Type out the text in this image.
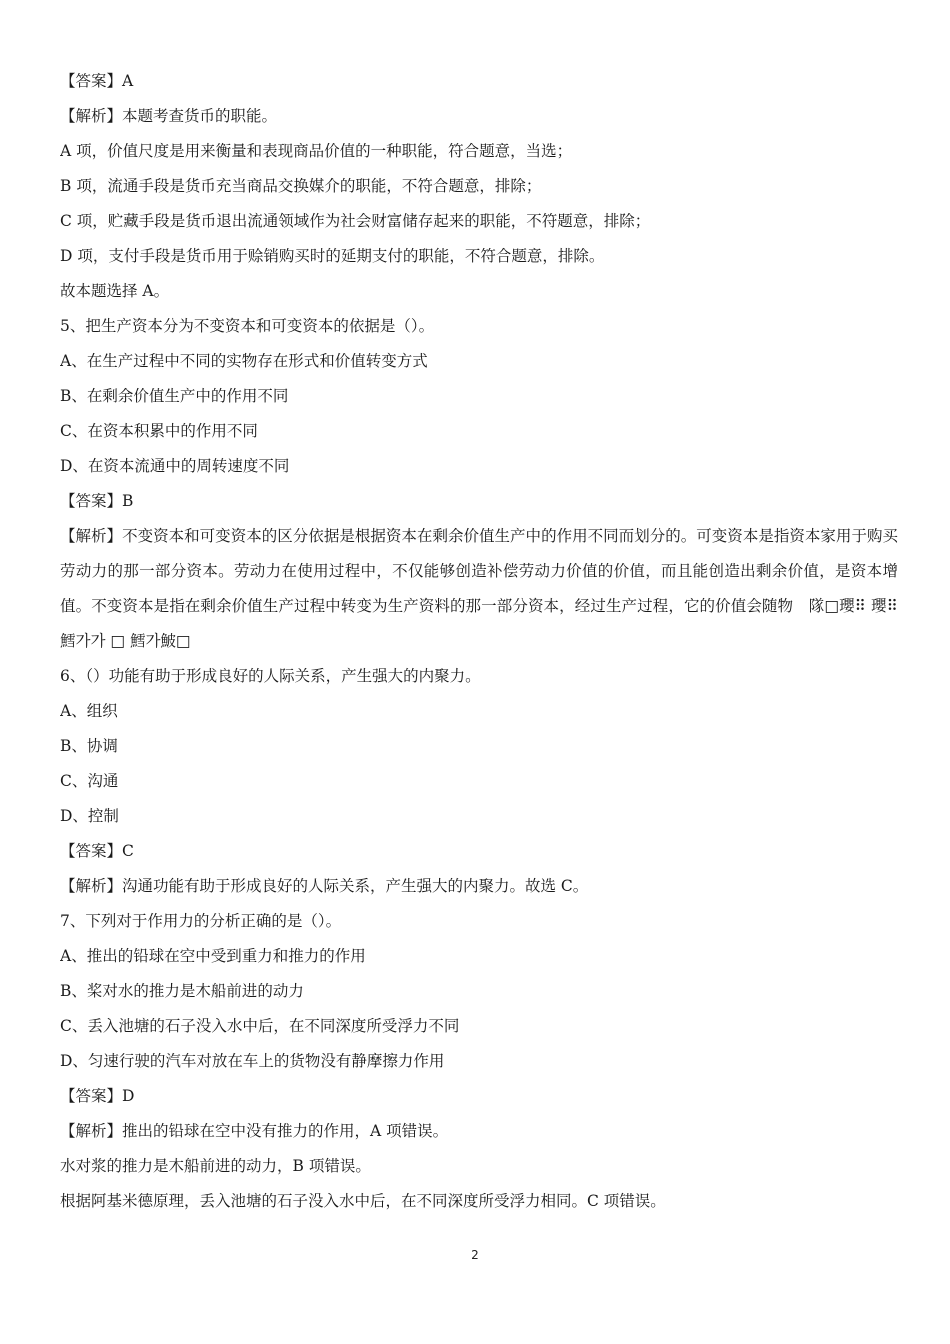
【答案】A
【解析】本题考查货币的职能。
A 项，价值尺度是用来衡量和表现商品价值的一种职能，符合题意，当选；
B 项，流通手段是货币充当商品交换媒介的职能，不符合题意，排除；
C 项，贮藏手段是货币退出流通领域作为社会财富储存起来的职能，不符题意，排除；
D 项，支付手段是货币用于赊销购买时的延期支付的职能，不符合题意，排除。
故本题选择 A。
5、把生产资本分为不变资本和可变资本的依据是（）。
A、在生产过程中不同的实物存在形式和价值转变方式
B、在剩余价值生产中的作用不同
C、在资本积累中的作用不同
D、在资本流通中的周转速度不同
【答案】B
【解析】不变资本和可变资本的区分依据是根据资本在剩余价值生产中的作用不同而划分的。可变资本是指资本家用于购买劳动力的那一部分资本。劳动力在使用过程中，不仅能够创造补偿劳动力价值的价值，而且能创造出剩余价值，是资本增值。不变资本是指在剩余价值生产过程中转变为生产资料的那一部分资本，经过生产过程，它的价值会随物　隊□瓔⠿ 瓔⠿ 鱈가가 □ 鱈가鮍□
6、（）功能有助于形成良好的人际关系，产生强大的内聚力。
A、组织
B、协调
C、沟通
D、控制
【答案】C
【解析】沟通功能有助于形成良好的人际关系，产生强大的内聚力。故选 C。
7、下列对于作用力的分析正确的是（）。
A、推出的铅球在空中受到重力和推力的作用
B、桨对水的推力是木船前进的动力
C、丢入池塘的石子没入水中后，在不同深度所受浮力不同
D、匀速行驶的汽车对放在车上的货物没有静摩擦力作用
【答案】D
【解析】推出的铅球在空中没有推力的作用，A 项错误。
水对浆的推力是木船前进的动力，B 项错误。
根据阿基米德原理，丢入池塘的石子没入水中后，在不同深度所受浮力相同。C 项错误。
2
